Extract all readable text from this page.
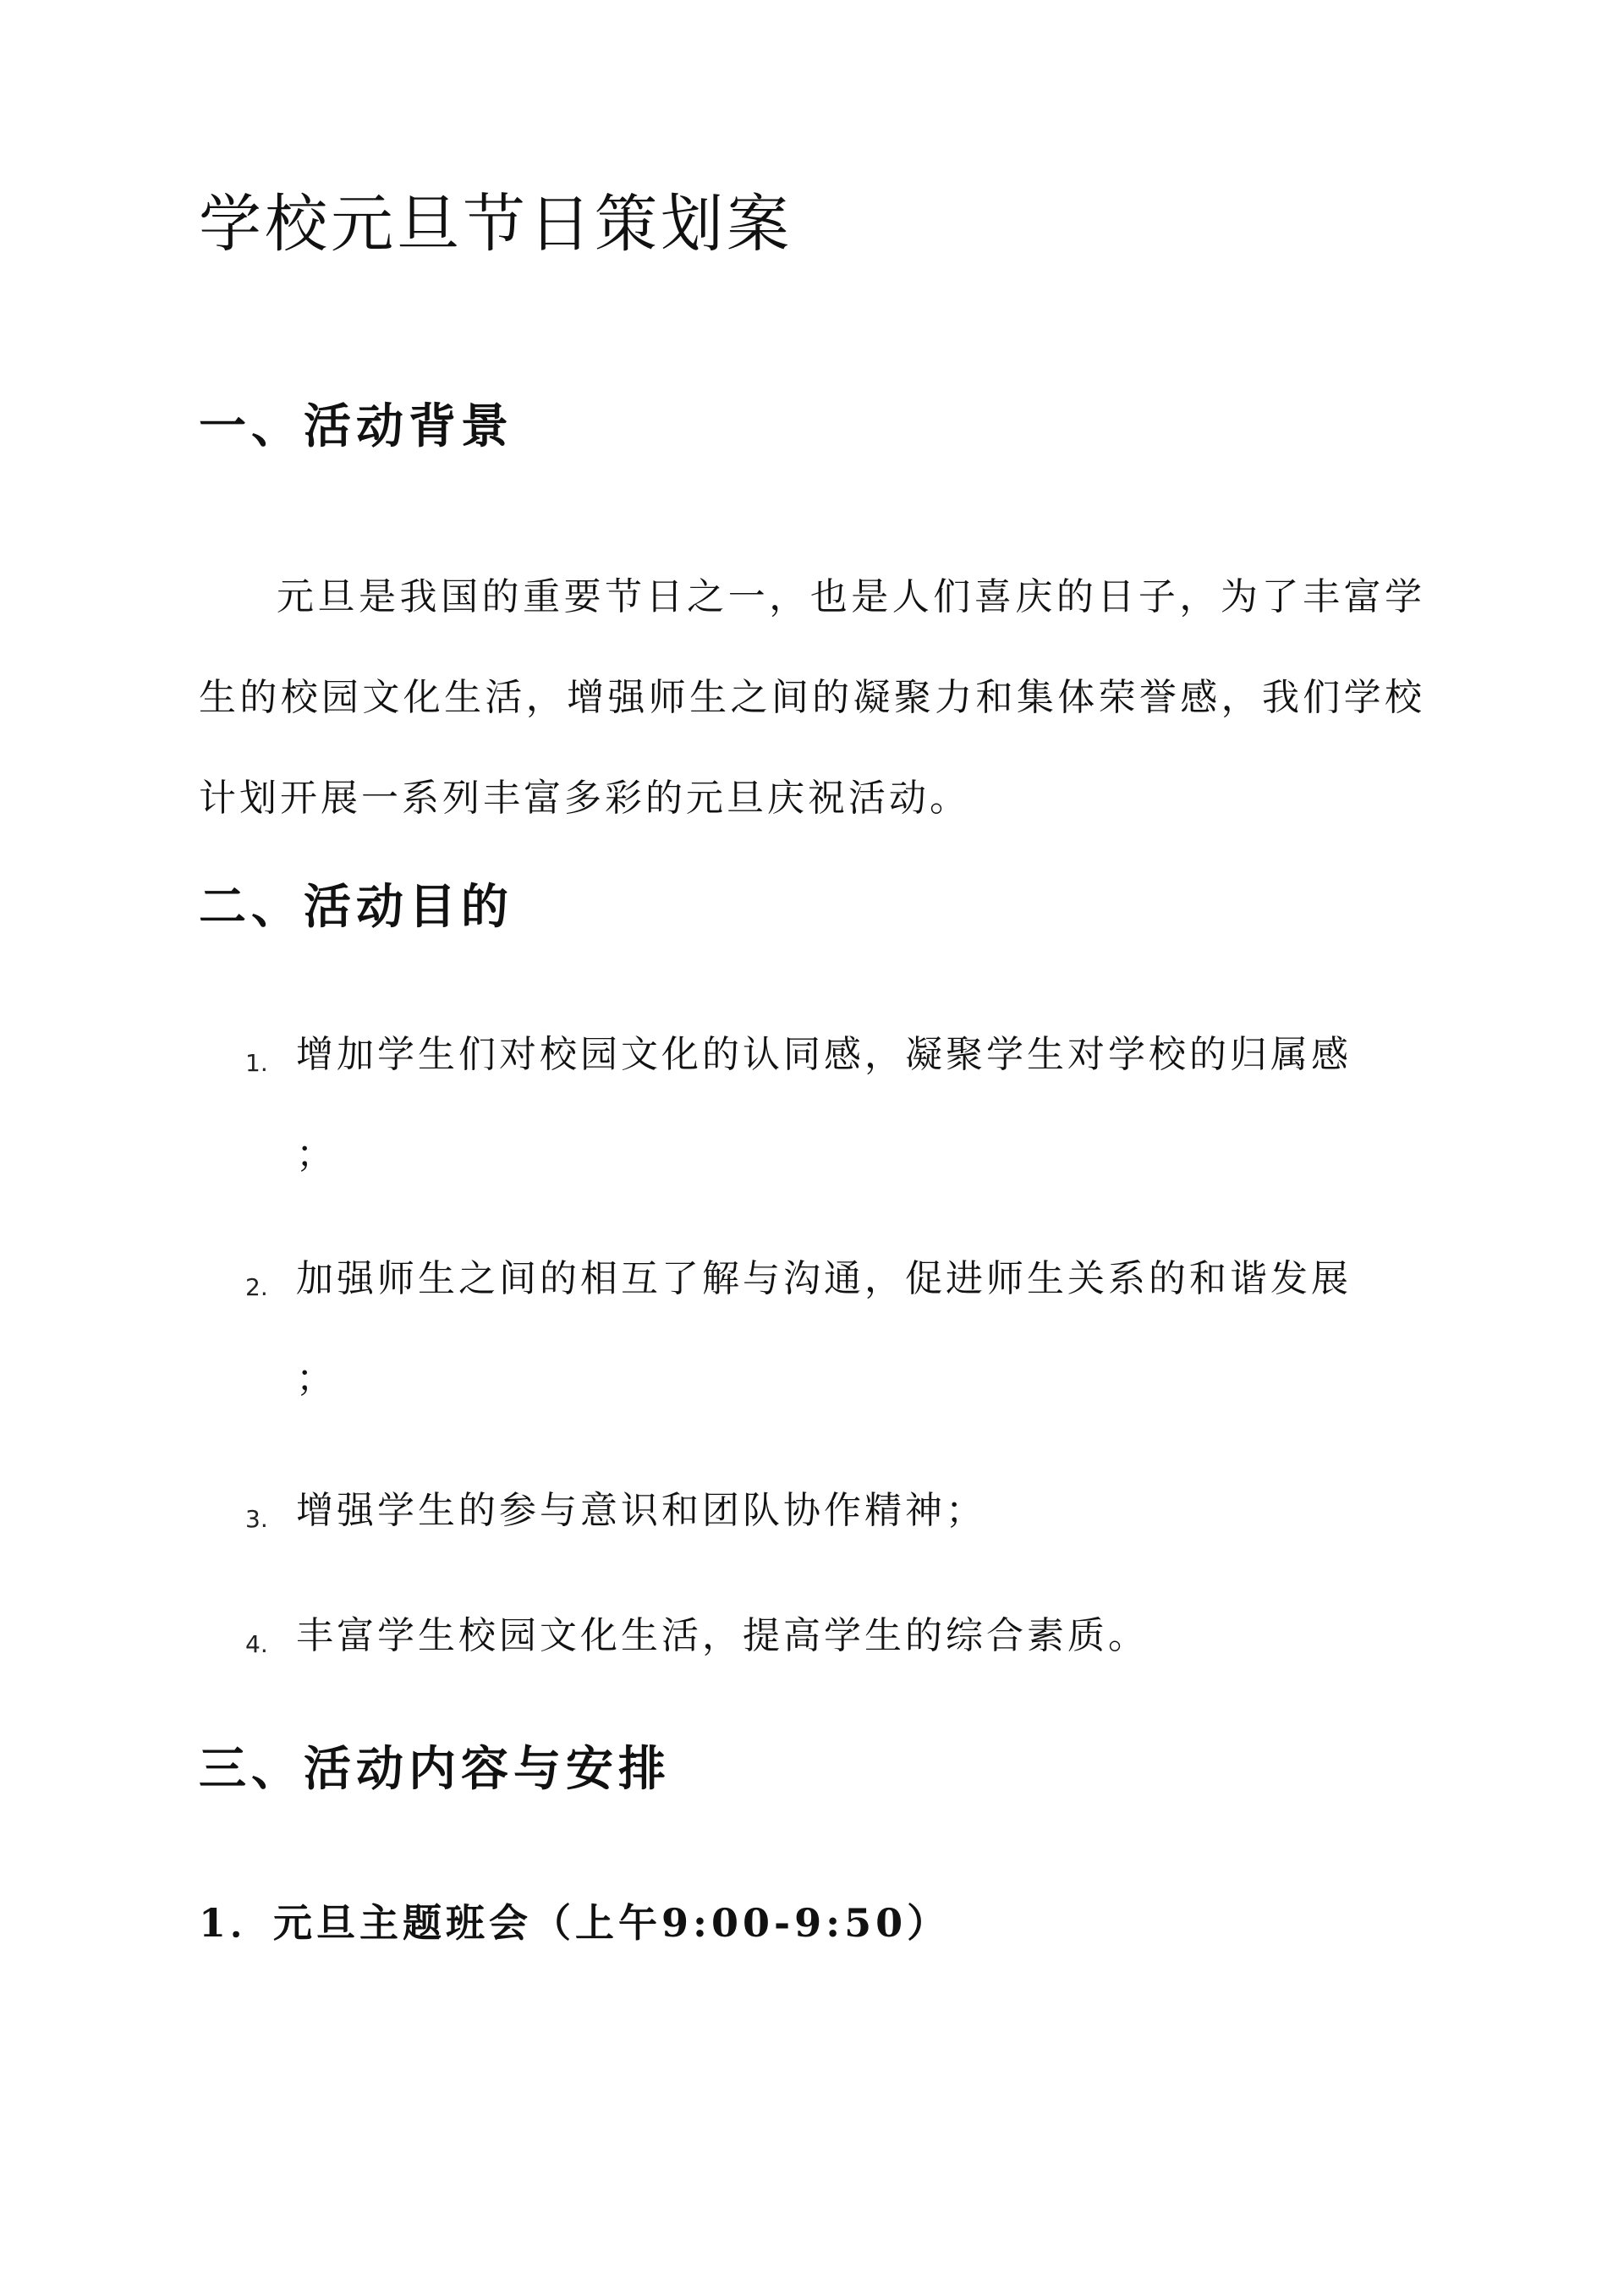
学校元旦节日策划案
一、活动背景

元旦是我国的重要节日之一，也是人们喜庆的日子，为了丰富学生的校园文化生活，增强师生之间的凝聚力和集体荣誉感，我们学校计划开展一系列丰富多彩的元旦庆祝活动。

二、活动目的
1. 增加学生们对校园文化的认同感，凝聚学生对学校的归属感
；
2. 加强师生之间的相互了解与沟通，促进师生关系的和谐发展
；
3. 增强学生的参与意识和团队协作精神；
4. 丰富学生校园文化生活，提高学生的综合素质。
三、活动内容与安排
1．元旦主题班会（上午9:00-9:50）
